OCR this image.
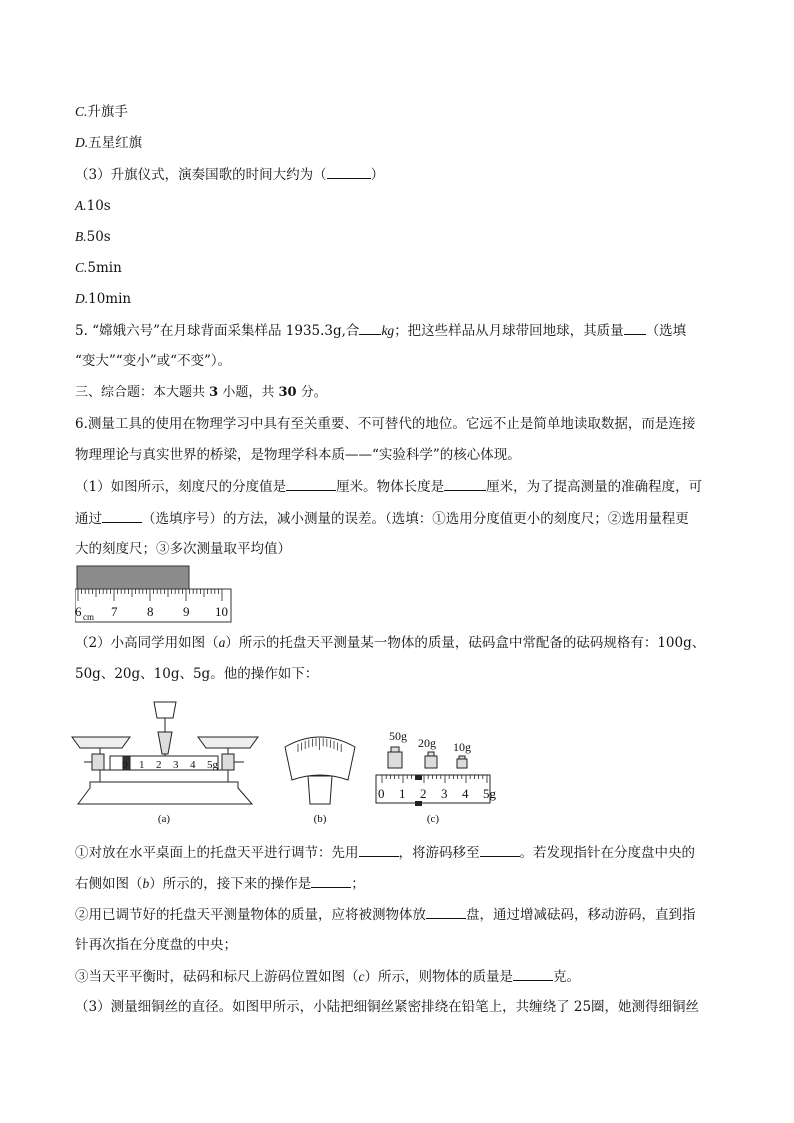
C.升旗手
D.五星红旗
（3）升旗仪式，演奏国歌的时间大约为（	）
A.10s
B.50s
C.5min
D.10min
5. “嫦娥六号”在月球背面采集样品 1935.3g,合 kg；把这些样品从月球带回地球，其质量 （选填
“变大”“变小”或“不变”）。
三、综合题：本大题共 3 小题，共 30 分。
6.测量工具的使用在物理学习中具有至关重要、不可替代的地位。它远不止是简单地读取数据，而是连接
物理理论与真实世界的桥梁，是物理学科本质——“实验科学”的核心体现。
（1）如图所示，刻度尺的分度值是	厘米。物体长度是	厘米，为了提高测量的准确程度，可
通过	（选填序号）的方法，减小测量的误差。（选填：①选用分度值更小的刻度尺；②选用量程更
大的刻度尺；③多次测量取平均值）
6 7 8 9 10
cm
（2）小高同学用如图（a）所示的托盘天平测量某一物体的质量，砝码盒中常配备的砝码规格有：100g、
50g、20g、10g、5g。他的操作如下：
0 1 2 3 4 5g
(a)	(b)
50g 20g 10g
0 1 2 3 4 5g
(c)
①对放在水平桌面上的托盘天平进行调节：先用	，将游码移至	。若发现指针在分度盘中央的
右侧如图（b）所示的，接下来的操作是	；
②用已调节好的托盘天平测量物体的质量，应将被测物体放	盘，通过增减砝码，移动游码，直到指
针再次指在分度盘的中央；
③当天平平衡时，砝码和标尺上游码位置如图（c）所示，则物体的质量是	克。
（3）测量细铜丝的直径。如图甲所示，小陆把细铜丝紧密排绕在铅笔上，共缠绕了 25圈，她测得细铜丝
